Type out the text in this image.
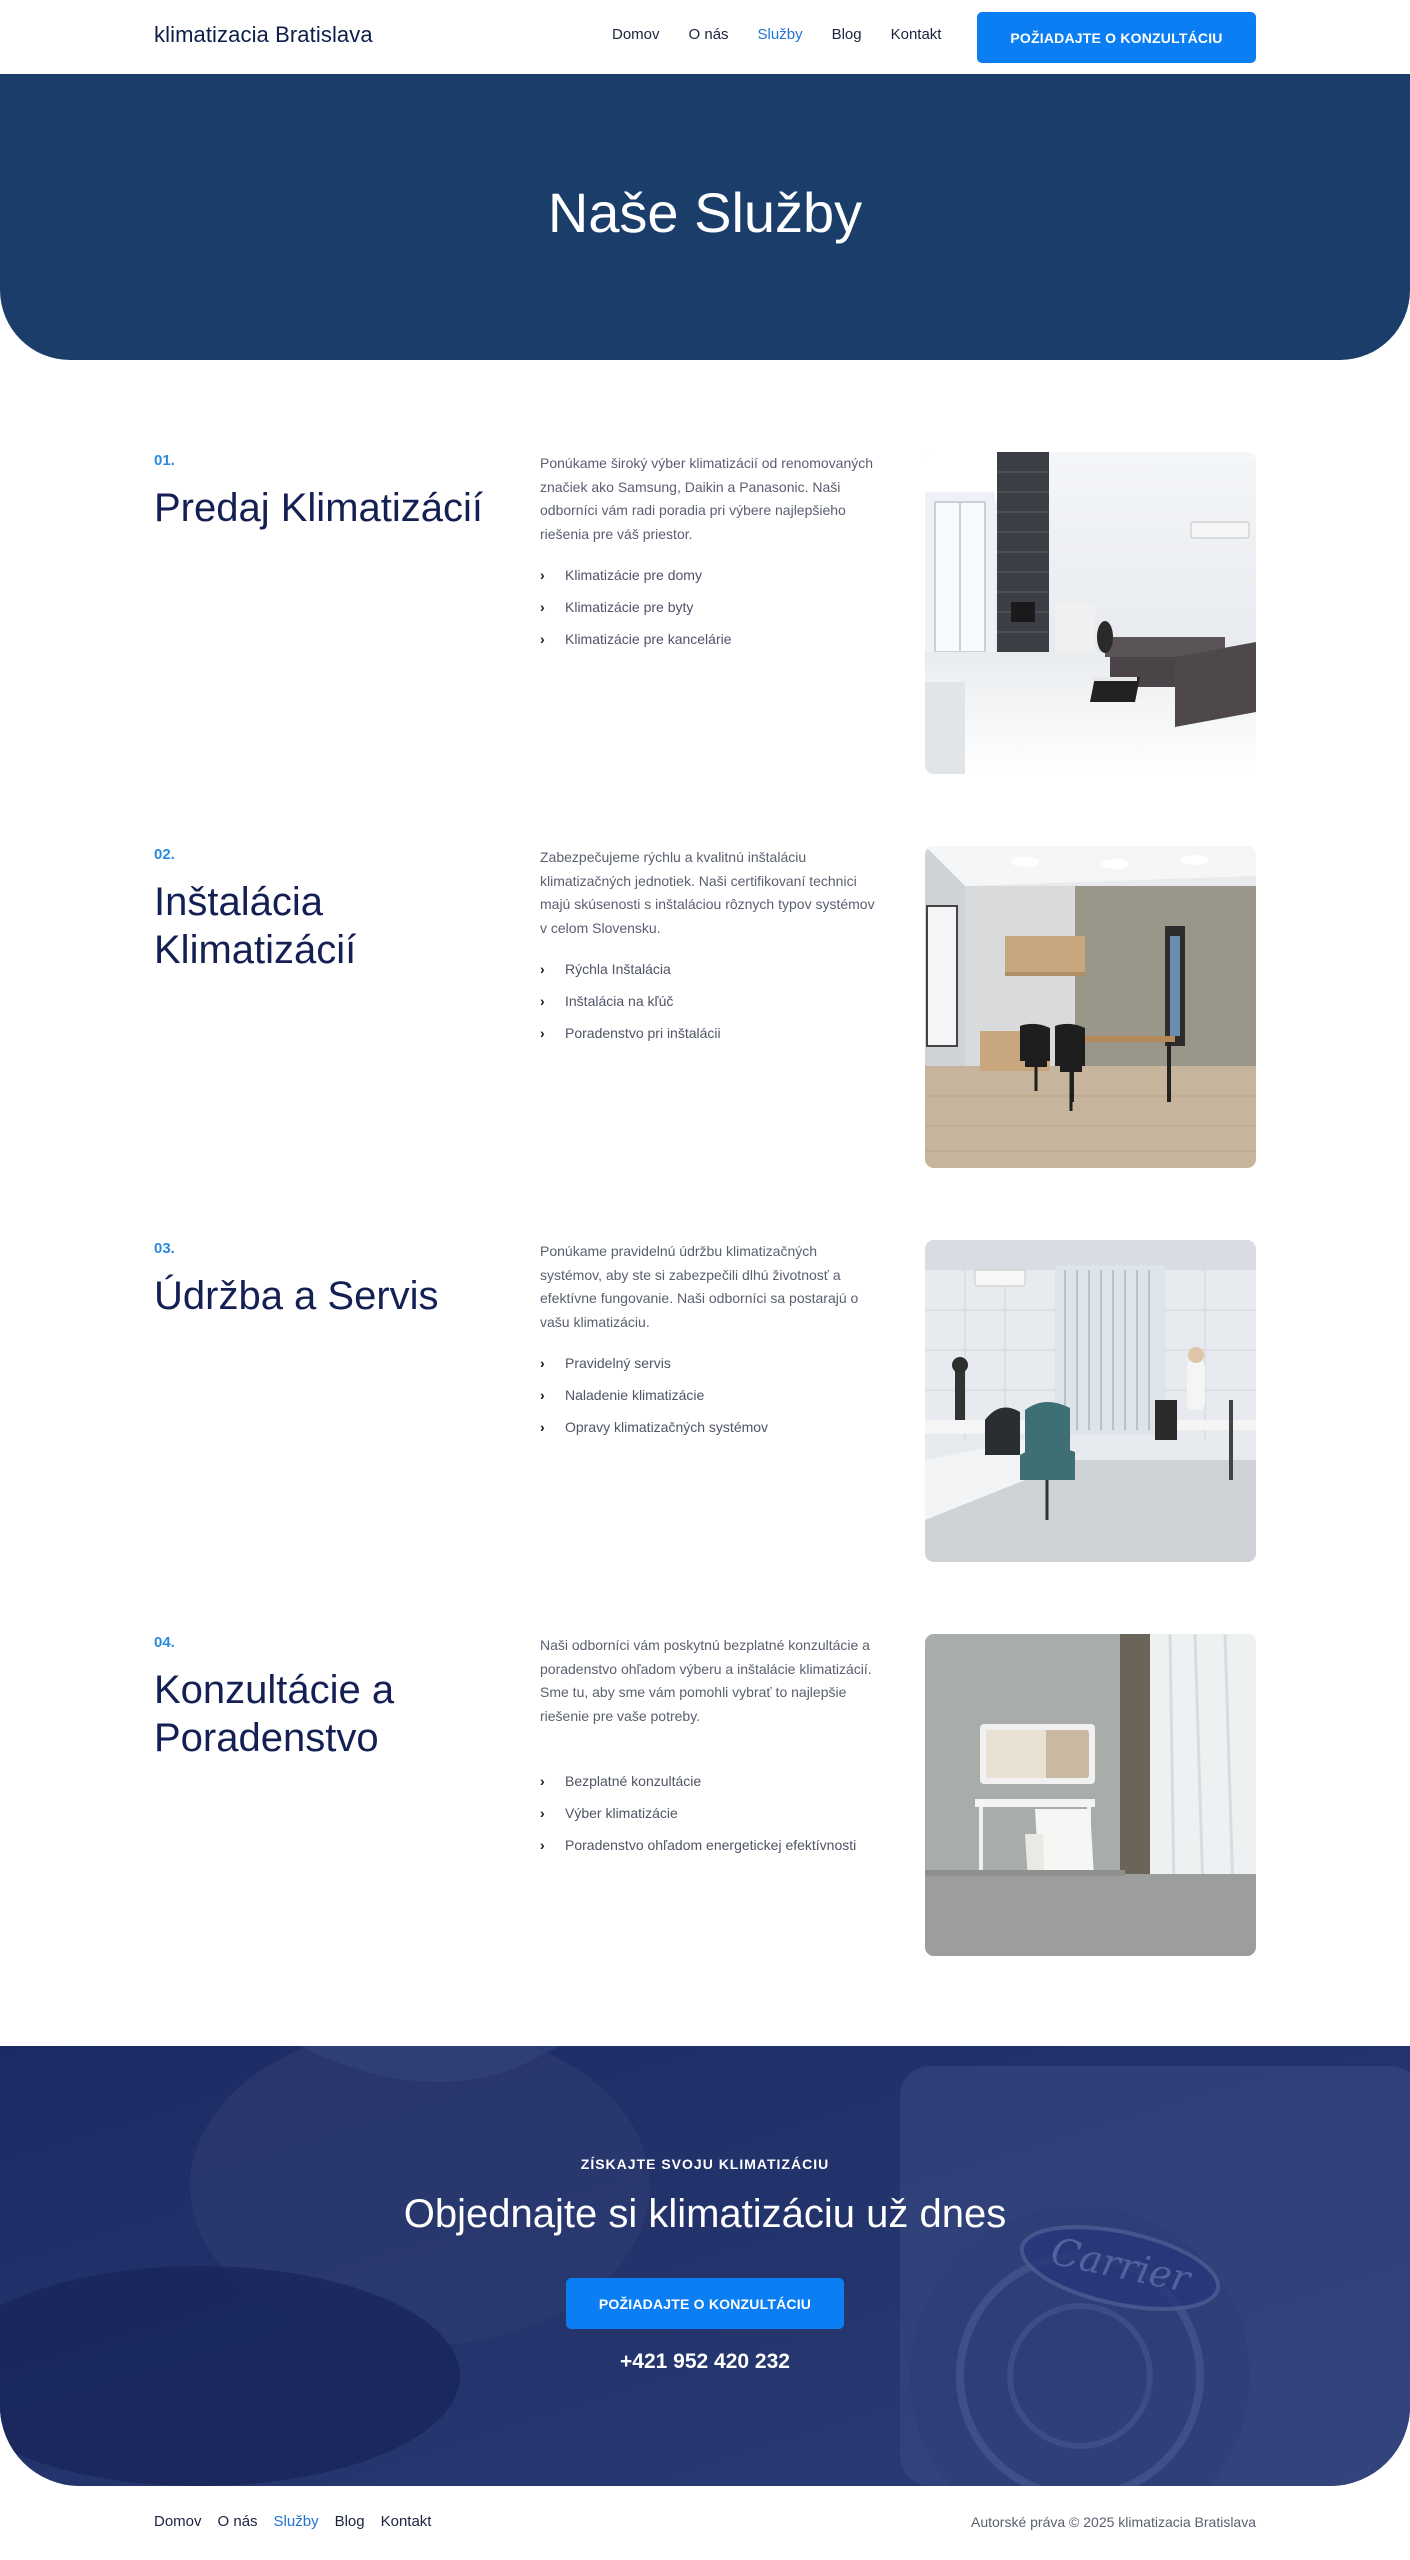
klimatizacia Bratislava	Domov O nás Služby Blog Kontakt	POŽIADAJTE O KONZULTÁCIU
Naše Služby
01.
Predaj Klimatizácií

Ponúkame široký výber klimatizácií od renomovaných značiek ako Samsung, Daikin a Panasonic. Naši odborníci vám radi poradia pri výbere najlepšieho riešenia pre váš priestor.

› Klimatizácie pre domy
› Klimatizácie pre byty
› Klimatizácie pre kancelárie
02.
Inštalácia Klimatizácií

Zabezpečujeme rýchlu a kvalitnú inštaláciu klimatizačných jednotiek. Naši certifikovaní technici majú skúsenosti s inštaláciou rôznych typov systémov v celom Slovensku.

› Rýchla Inštalácia
› Inštalácia na kľúč
› Poradenstvo pri inštalácii
03.
Údržba a Servis

Ponúkame pravidelnú údržbu klimatizačných systémov, aby ste si zabezpečili dlhú životnosť a efektívne fungovanie. Naši odborníci sa postarajú o vašu klimatizáciu.

› Pravidelný servis
› Naladenie klimatizácie
› Opravy klimatizačných systémov
04.
Konzultácie a Poradenstvo

Naši odborníci vám poskytnú bezplatné konzultácie a poradenstvo ohľadom výberu a inštalácie klimatizácií. Sme tu, aby sme vám pomohli vybrať to najlepšie riešenie pre vaše potreby.

› Bezplatné konzultácie
› Výber klimatizácie
› Poradenstvo ohľadom energetickej efektívnosti
Carrier
ZÍSKAJTE SVOJU KLIMATIZÁCIU
Objednajte si klimatizáciu už dnes
POŽIADAJTE O KONZULTÁCIU
+421 952 420 232
Domov O nás Služby Blog Kontakt	Autorské práva © 2025 klimatizacia Bratislava
